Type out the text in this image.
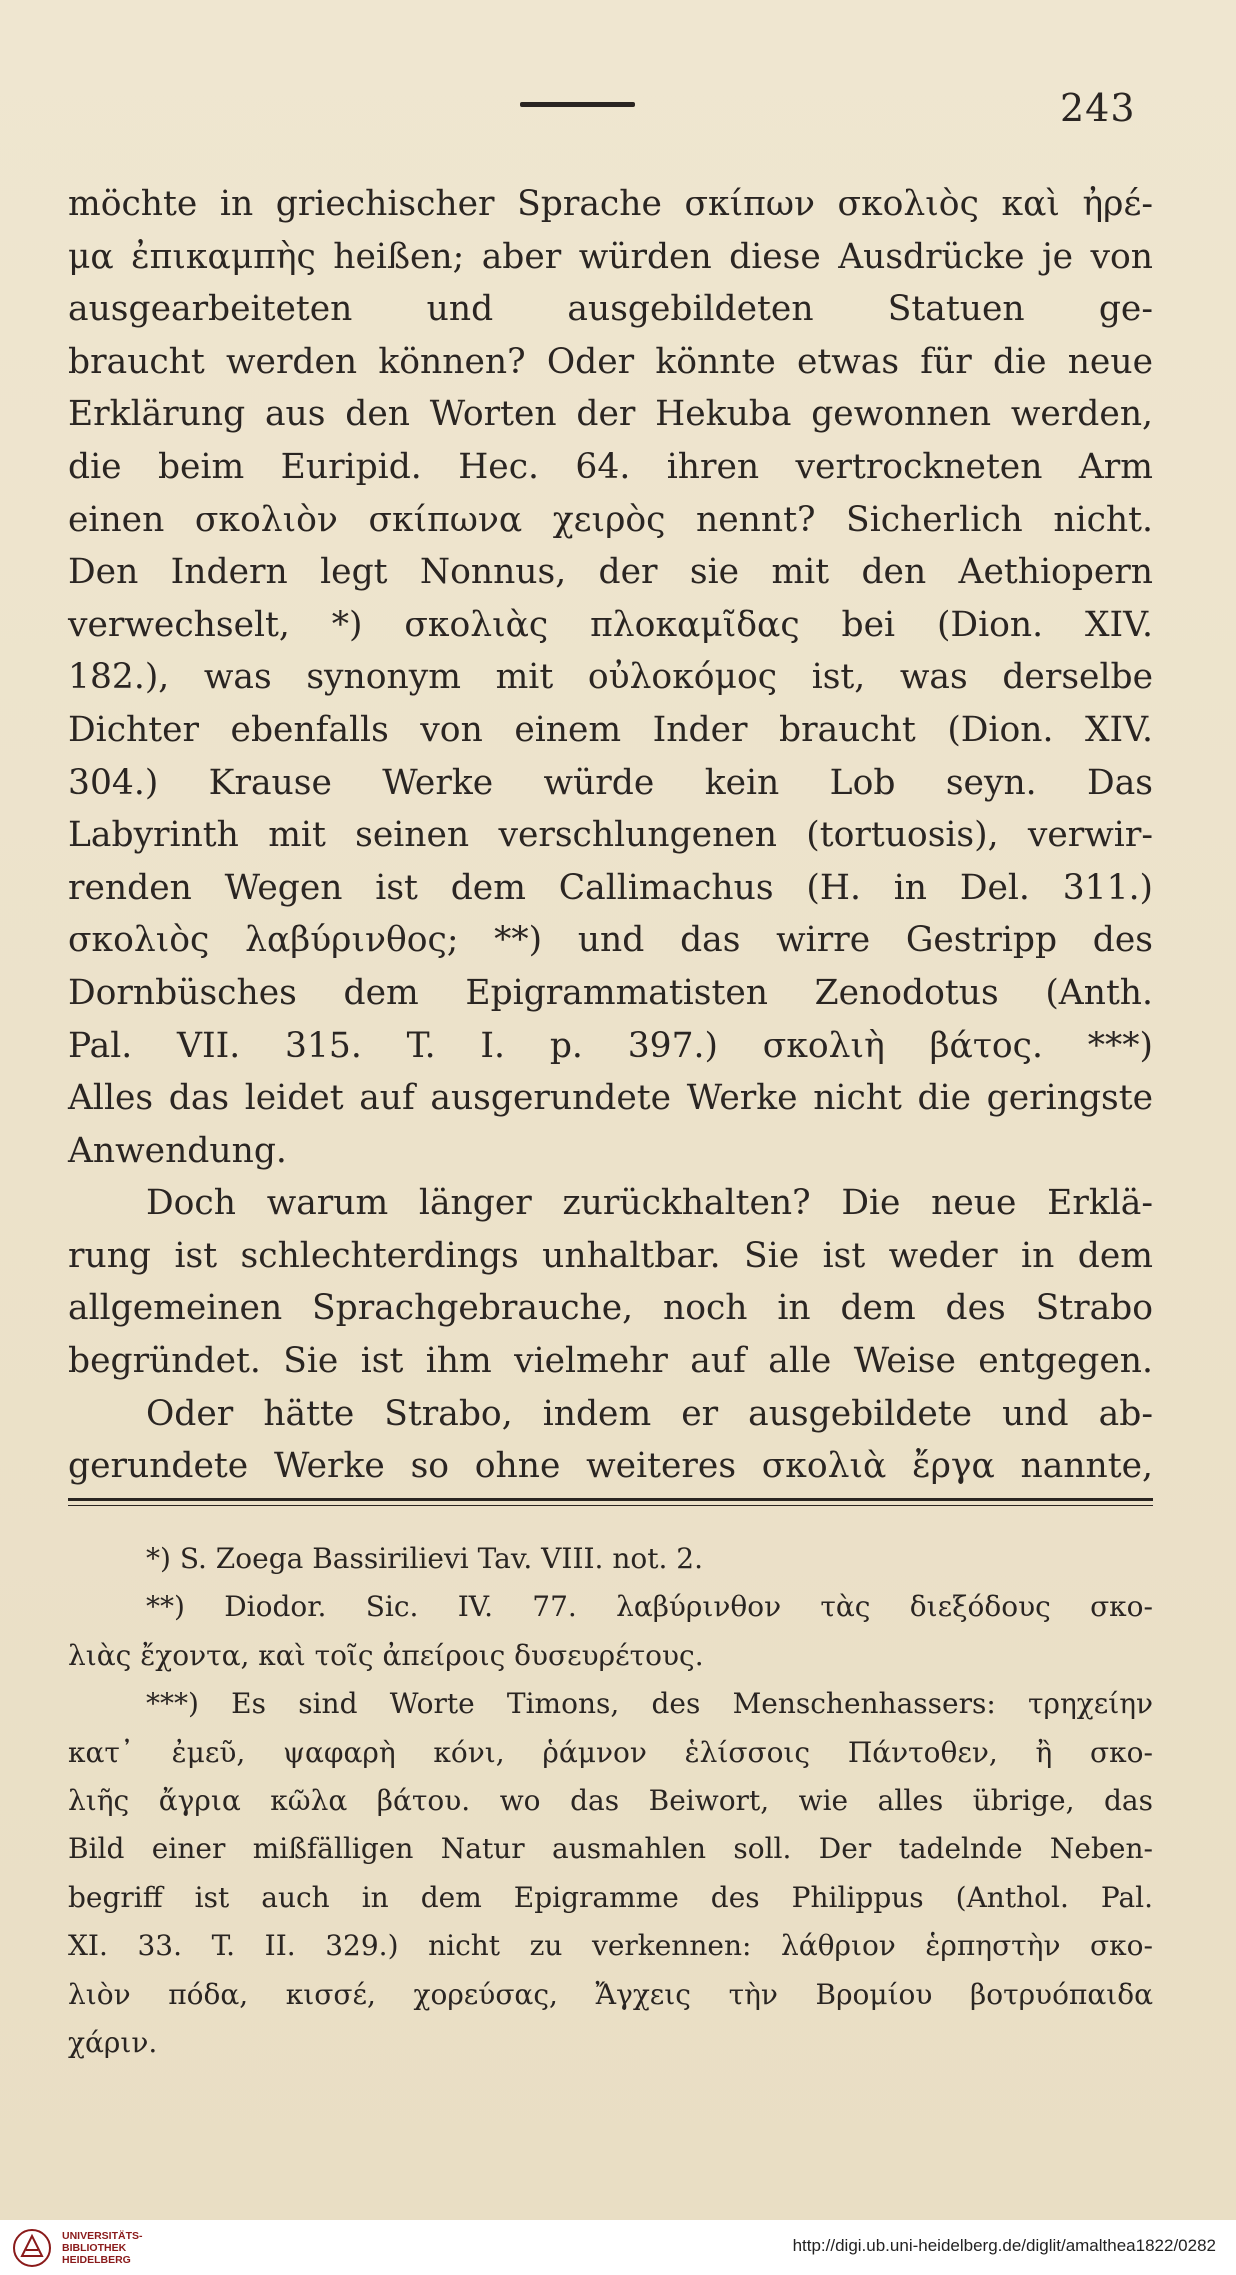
243
möchte in griechischer Sprache σκίπων σκολιὸς καὶ ἠρέ-
μα ἐπικαμπὴς heißen; aber würden diese Ausdrücke je von
ausgearbeiteten und ausgebildeten Statuen ge-
braucht werden können? Oder könnte etwas für die neue
Erklärung aus den Worten der Hekuba gewonnen werden,
die beim Euripid. Hec. 64. ihren vertrockneten Arm
einen σκολιὸν σκίπωνα χειρὸς nennt? Sicherlich nicht.
Den Indern legt Nonnus, der sie mit den Aethiopern
verwechselt, *) σκολιὰς πλοκαμῖδας bei (Dion. XIV.
182.), was synonym mit οὐλοκόμος ist, was derselbe
Dichter ebenfalls von einem Inder braucht (Dion. XIV.
304.) Krause Werke würde kein Lob seyn. Das
Labyrinth mit seinen verschlungenen (tortuosis), verwir-
renden Wegen ist dem Callimachus (H. in Del. 311.)
σκολιὸς λαβύρινθος; **) und das wirre Gestripp des
Dornbüsches dem Epigrammatisten Zenodotus (Anth.
Pal. VII. 315. T. I. p. 397.) σκολιὴ βάτος. ***)
Alles das leidet auf ausgerundete Werke nicht die geringste
Anwendung.
Doch warum länger zurückhalten? Die neue Erklä-
rung ist schlechterdings unhaltbar. Sie ist weder in dem
allgemeinen Sprachgebrauche, noch in dem des Strabo
begründet. Sie ist ihm vielmehr auf alle Weise entgegen.
Oder hätte Strabo, indem er ausgebildete und ab-
gerundete Werke so ohne weiteres σκολιὰ ἔργα nannte,
*) S. Zoega Bassirilievi Tav. VIII. not. 2.
**) Diodor. Sic. IV. 77. λαβύρινθον τὰς διεξόδους σκο-
λιὰς ἔχοντα, καὶ τοῖς ἀπείροις δυσευρέτους.
***) Es sind Worte Timons, des Menschenhassers: τρηχείην
κατ᾽ ἐμεῦ, ψαφαρὴ κόνι, ῥάμνον ἑλίσσοις Πάντοθεν, ἢ σκο-
λιῆς ἄγρια κῶλα βάτου. wo das Beiwort, wie alles übrige, das
Bild einer mißfälligen Natur ausmahlen soll. Der tadelnde Neben-
begriff ist auch in dem Epigramme des Philippus (Anthol. Pal.
XI. 33. T. II. 329.) nicht zu verkennen: λάθριον ἑρπηστὴν σκο-
λιὸν πόδα, κισσέ, χορεύσας, Ἄγχεις τὴν Βρομίου βοτρυόπαιδα
χάριν.
UNIVERSITÄTS-
BIBLIOTHEK
HEIDELBERG
http://digi.ub.uni-heidelberg.de/diglit/amalthea1822/0282
